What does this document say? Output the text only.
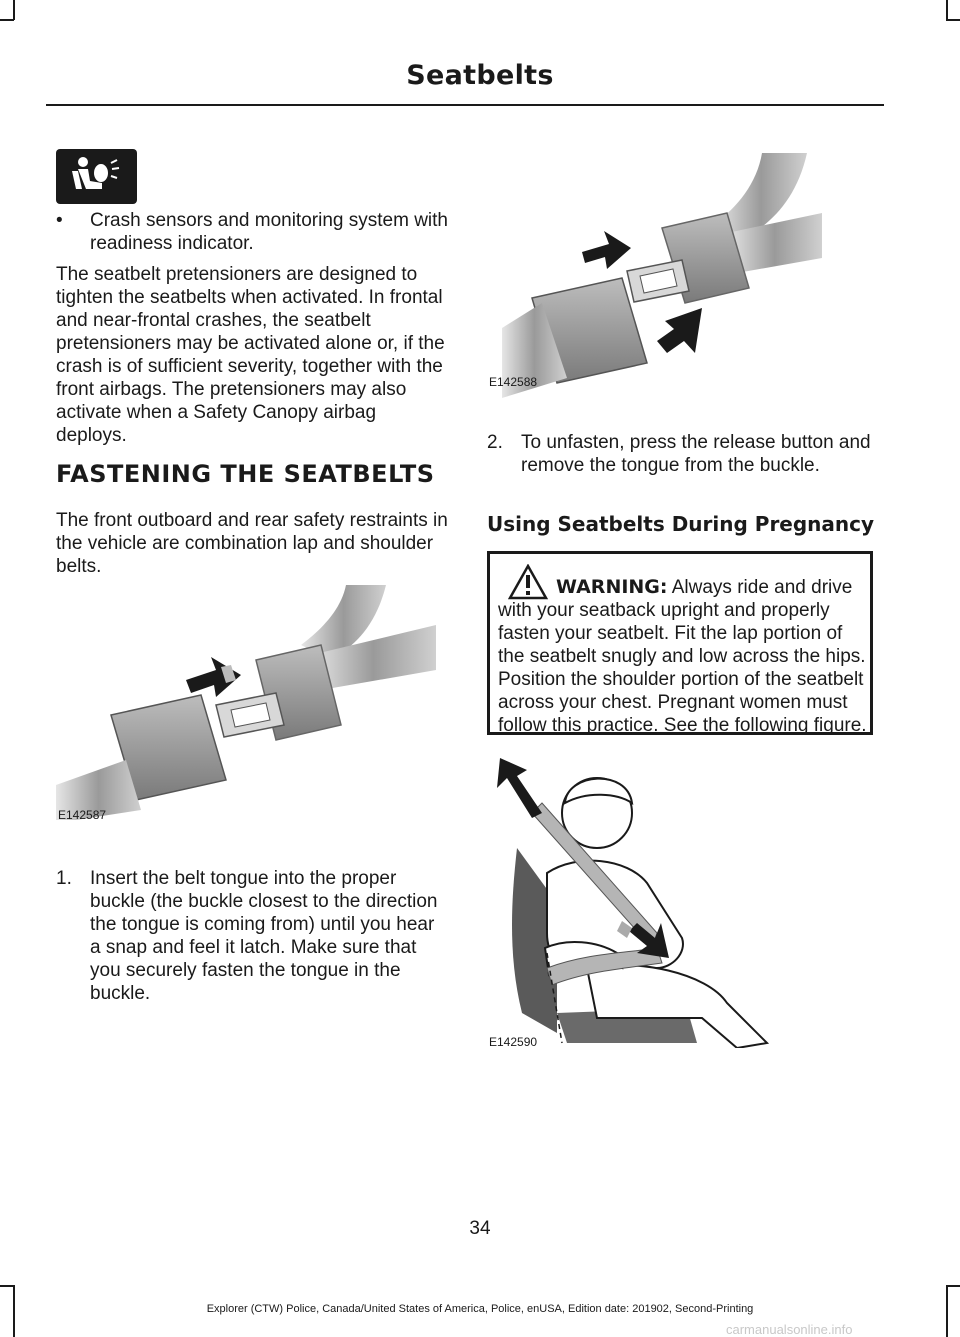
Seatbelts
• Crash sensors and monitoring system with readiness indicator.

The seatbelt pretensioners are designed to tighten the seatbelts when activated. In frontal and near-frontal crashes, the seatbelt pretensioners may be activated alone or, if the crash is of sufficient severity, together with the front airbags. The pretensioners may also activate when a Safety Canopy airbag deploys.

FASTENING THE SEATBELTS

The front outboard and rear safety restraints in the vehicle are combination lap and shoulder belts.

E142587
1. Insert the belt tongue into the proper buckle (the buckle closest to the direction the tongue is coming from) until you hear a snap and feel it latch. Make sure that you securely fasten the tongue in the buckle.
E142588
2. To unfasten, press the release button and remove the tongue from the buckle.
Using Seatbelts During Pregnancy
WARNING: Always ride and drive with your seatback upright and properly fasten your seatbelt. Fit the lap portion of the seatbelt snugly and low across the hips. Position the shoulder portion of the seatbelt across your chest. Pregnant women must follow this practice. See the following figure.
E142590
34
Explorer (CTW) Police, Canada/United States of America, Police, enUSA, Edition date: 201902, Second-Printing
carmanualsonline.info
